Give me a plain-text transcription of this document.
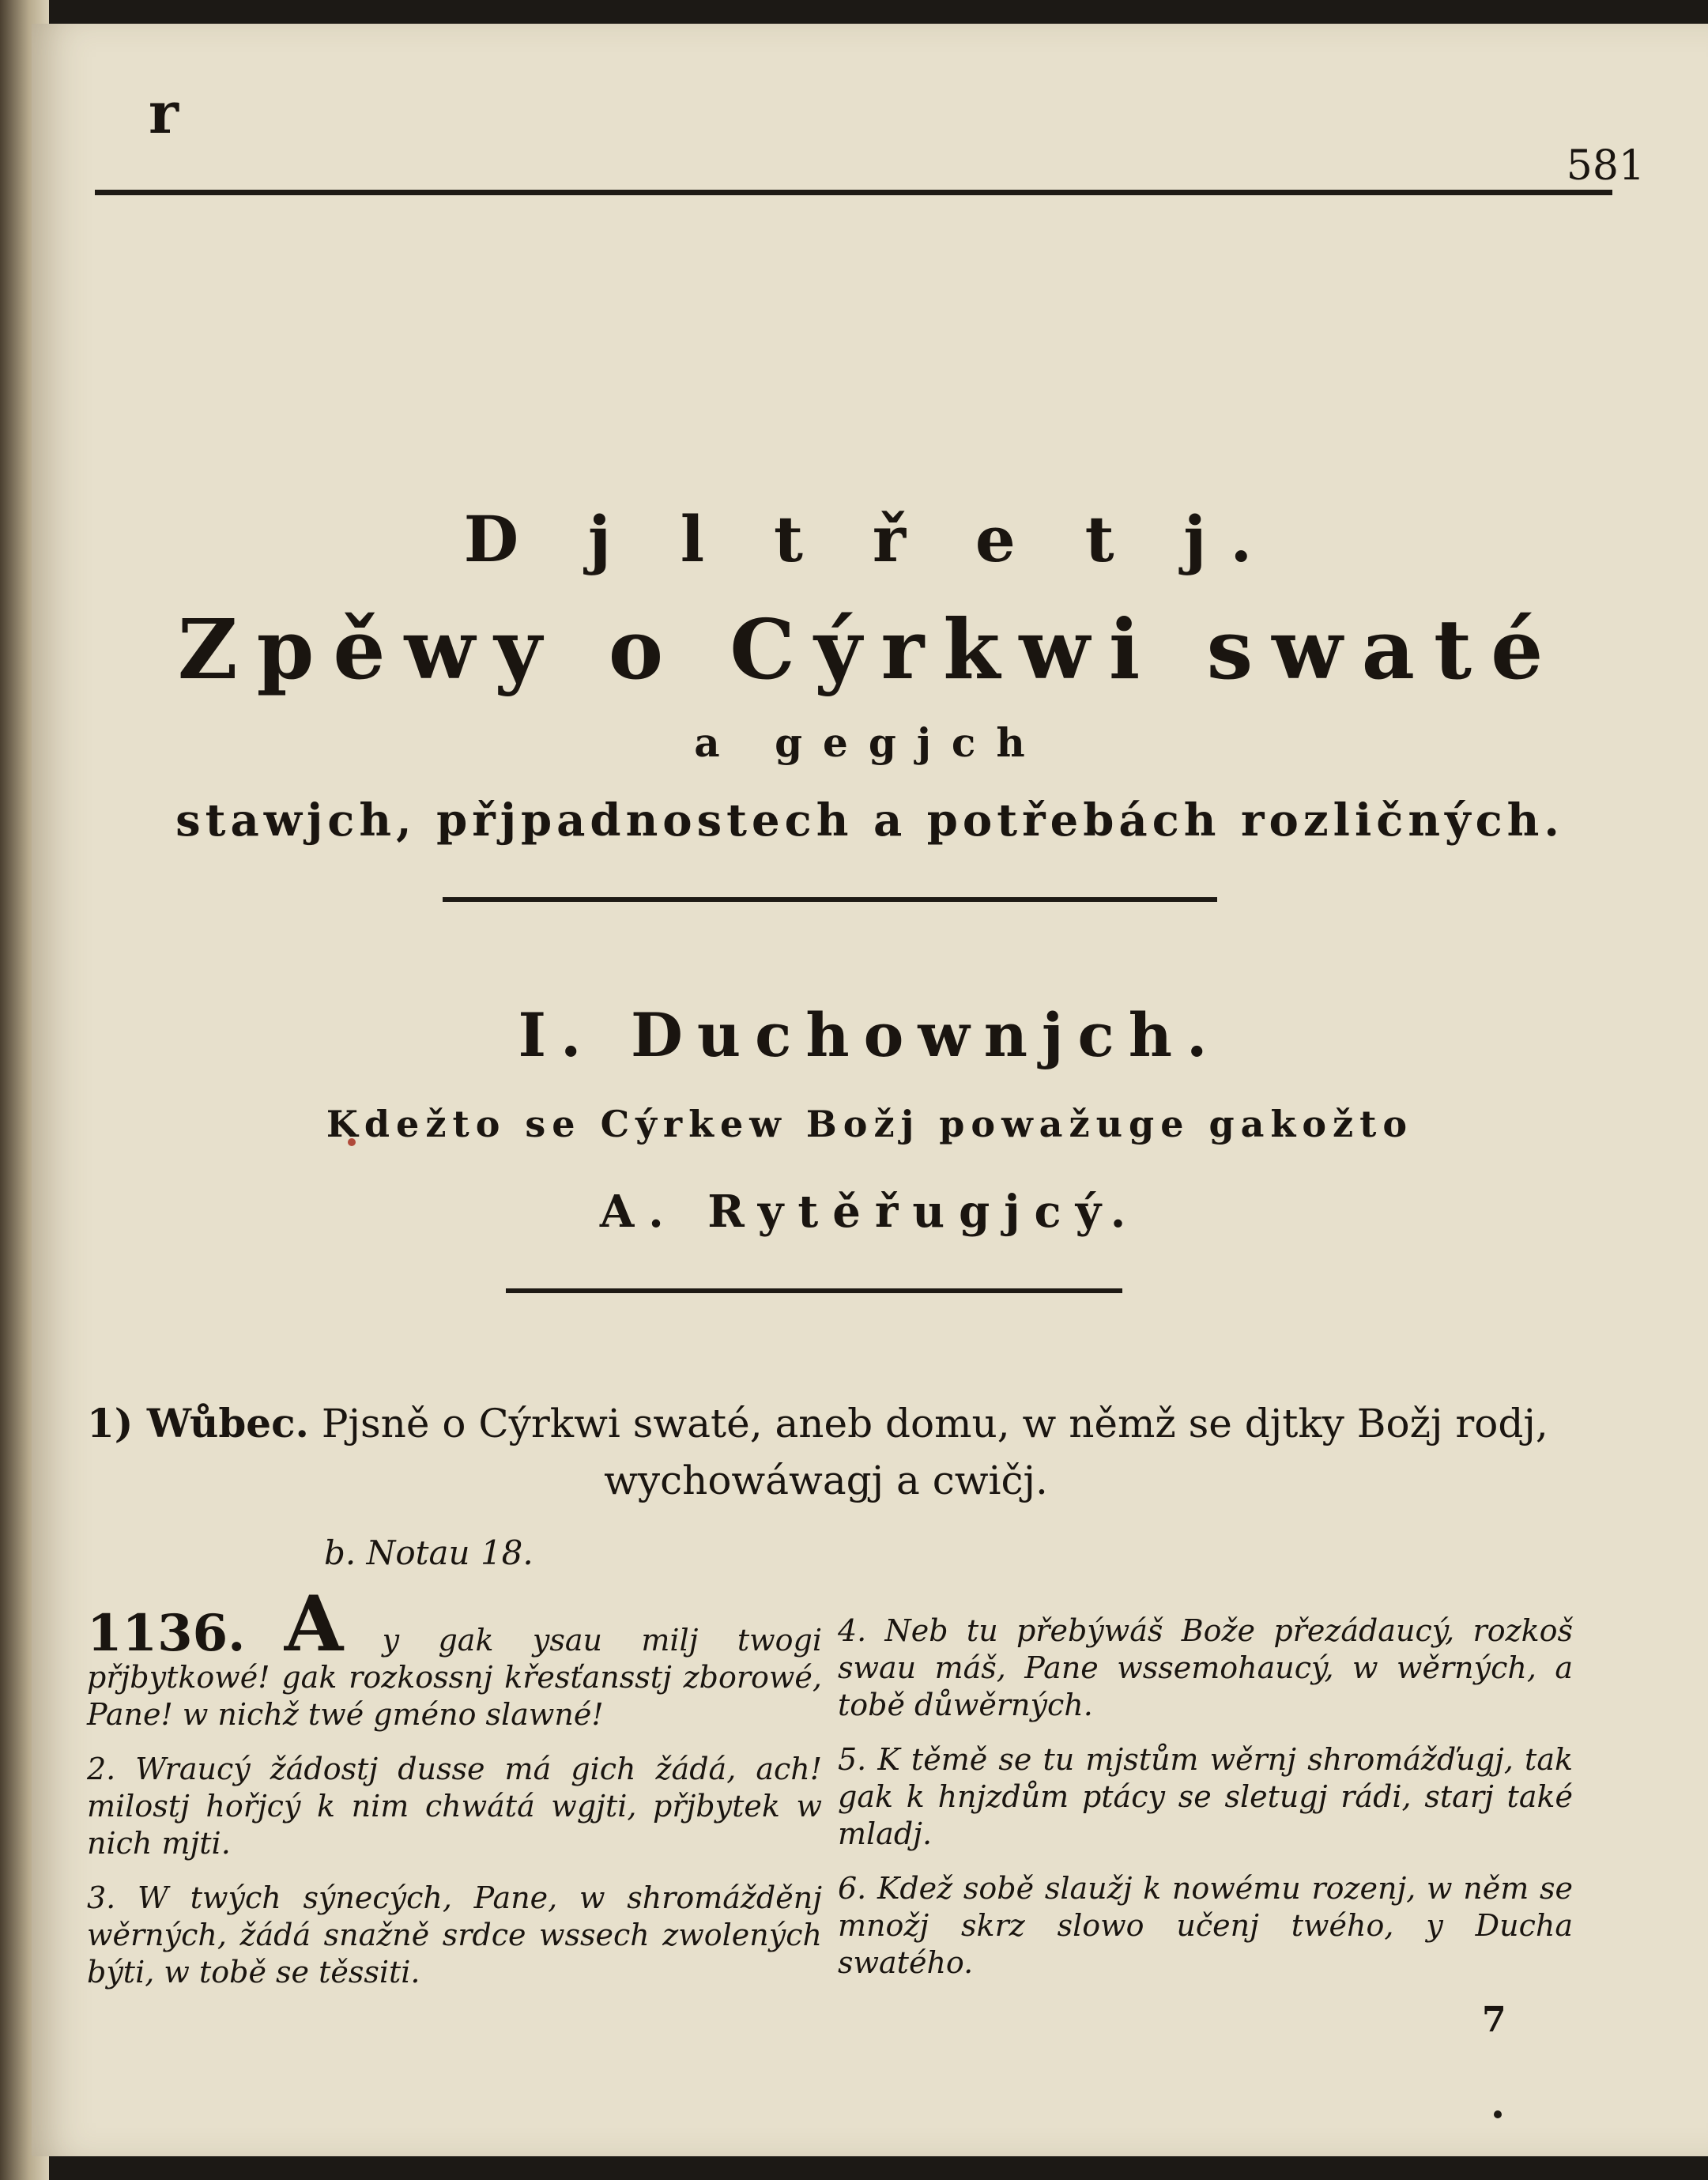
r
581
D j l t ř e t j.
Zpěwy o Cýrkwi swaté
a gegjch
stawjch, přjpadnostech a potřebách rozličných.
I. Duchownjch.
Kdežto se Cýrkew Božj powažuge gakožto
A. Rytěřugjcý.
1) Wůbec. Pjsně o Cýrkwi swaté, aneb domu, w němž se djtky Božj rodj,
wychowáwagj a cwičj.
b. Notau 18.
1136. A y gak ysau milj twogi přjbytkowé! gak rozkossnj křesťansstj zborowé, Pane! w nichž twé gméno slawné!
2. Wraucý žádostj dusse má gich žádá, ach! milostj hořjcý k nim chwátá wgjti, přjbytek w nich mjti.
3. W twých sýnecých, Pane, w shromážděnj wěrných, žádá snažně srdce wssech zwolených býti, w tobě se těssiti.
4. Neb tu přebýwáš Bože přezádaucý, rozkoš swau máš, Pane wssemohaucý, w wěrných, a tobě důwěrných.
5. K těmě se tu mjstům wěrnj shromážďugj, tak gak k hnjzdům ptácy se sletugj rádi, starj také mladj.
6. Kdež sobě slaužj k nowému rozenj, w něm se množj skrz slowo učenj twého, y Ducha swatého.
7
